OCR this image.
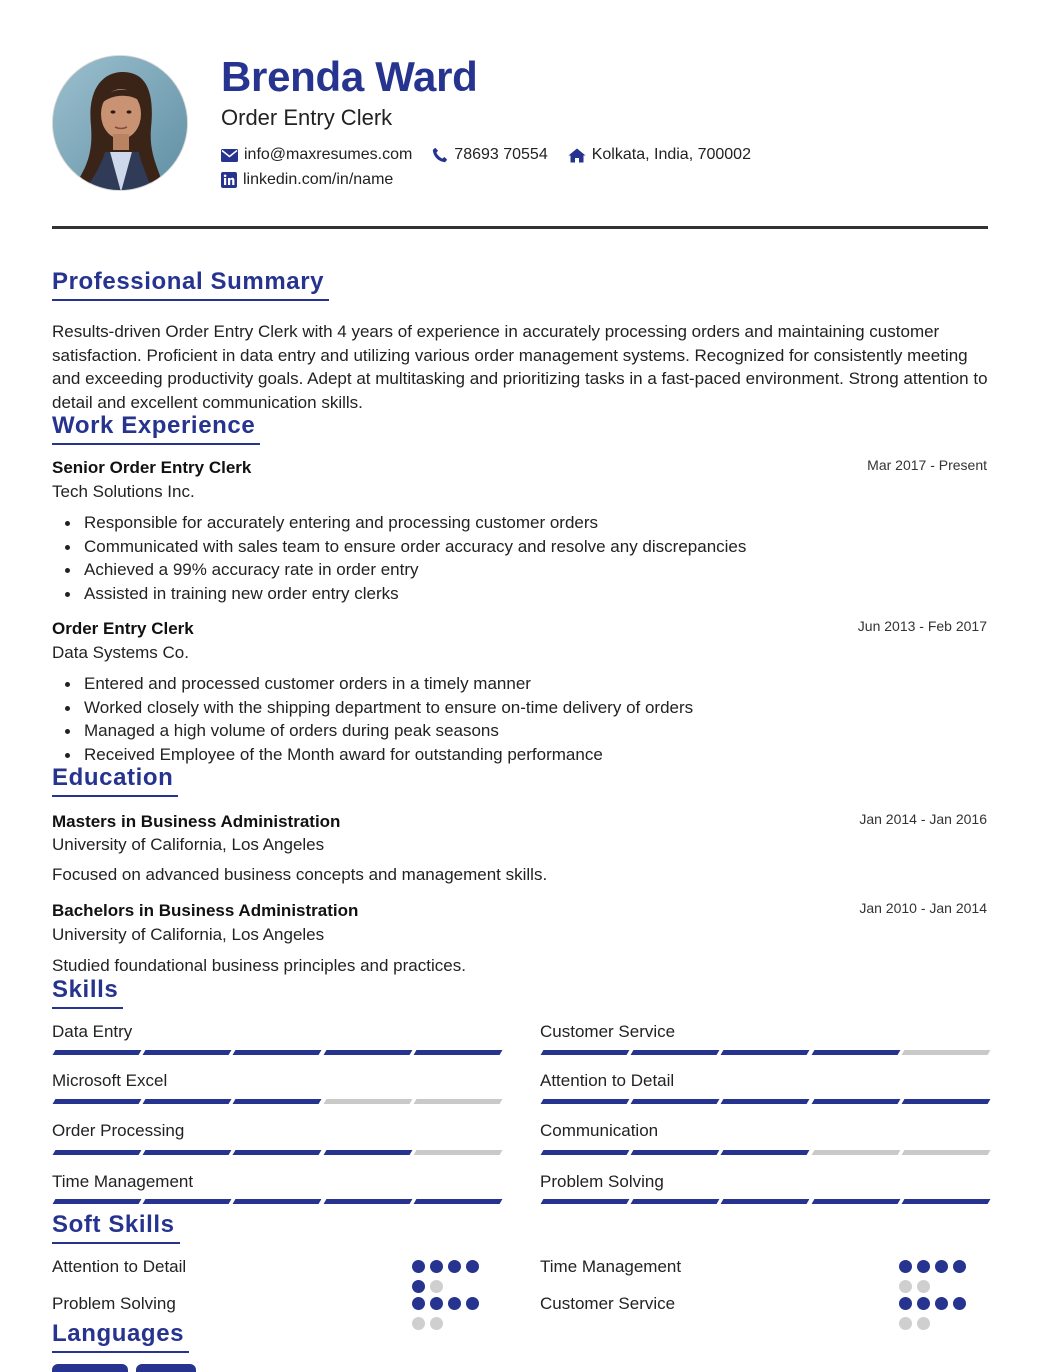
Brenda Ward
Order Entry Clerk
info@maxresumes.com	78693 70554	Kolkata, India, 700002
linkedin.com/in/name
Professional Summary
Results-driven Order Entry Clerk with 4 years of experience in accurately processing orders and maintaining customer satisfaction. Proficient in data entry and utilizing various order management systems. Recognized for consistently meeting and exceeding productivity goals. Adept at multitasking and prioritizing tasks in a fast-paced environment. Strong attention to detail and excellent communication skills.
Work Experience
Senior Order Entry Clerk	Mar 2017 - Present
Tech Solutions Inc.
Responsible for accurately entering and processing customer orders
Communicated with sales team to ensure order accuracy and resolve any discrepancies
Achieved a 99% accuracy rate in order entry
Assisted in training new order entry clerks
Order Entry Clerk	Jun 2013 - Feb 2017
Data Systems Co.
Entered and processed customer orders in a timely manner
Worked closely with the shipping department to ensure on-time delivery of orders
Managed a high volume of orders during peak seasons
Received Employee of the Month award for outstanding performance
Education
Masters in Business Administration	Jan 2014 - Jan 2016
University of California, Los Angeles
Focused on advanced business concepts and management skills.
Bachelors in Business Administration	Jan 2010 - Jan 2014
University of California, Los Angeles
Studied foundational business principles and practices.
Skills
Data Entry	Customer Service
Microsoft Excel	Attention to Detail
Order Processing	Communication
Time Management	Problem Solving
Soft Skills
Attention to Detail	Time Management
Problem Solving	Customer Service
Languages
